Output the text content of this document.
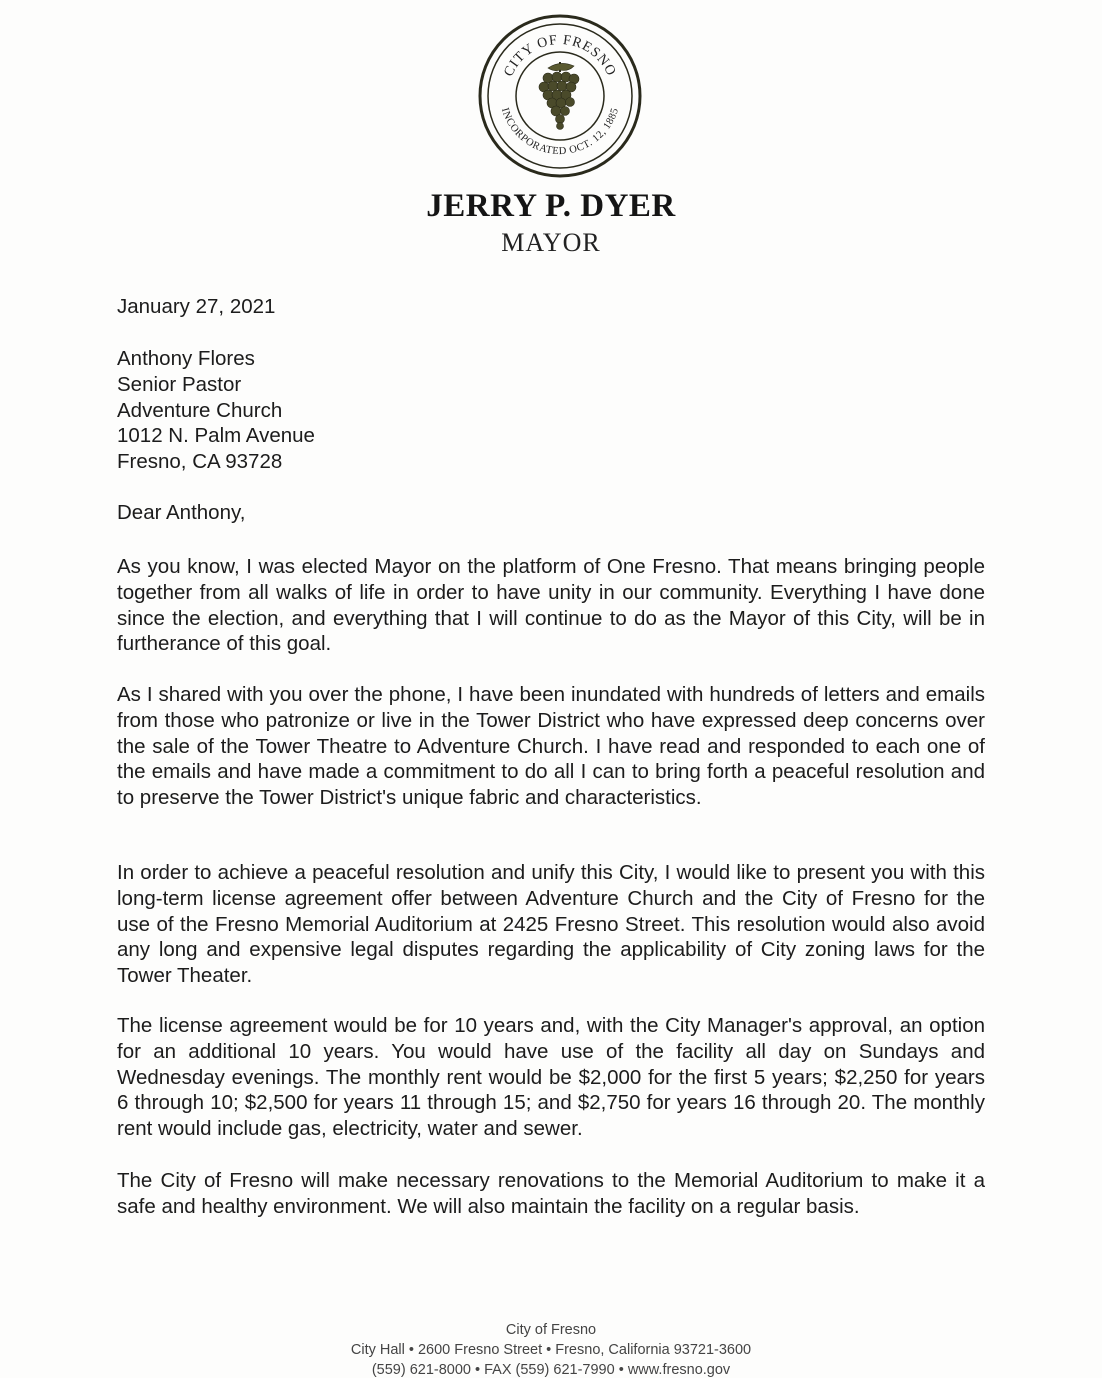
CITY OF FRESNO
INCORPORATED OCT. 12, 1885
JERRY P. DYER
MAYOR
January 27, 2021
Anthony Flores
Senior Pastor
Adventure Church
1012 N. Palm Avenue
Fresno, CA 93728
Dear Anthony,
As you know, I was elected Mayor on the platform of One Fresno. That means bringing people together from all walks of life in order to have unity in our community. Everything I have done since the election, and everything that I will continue to do as the Mayor of this City, will be in furtherance of this goal.
As I shared with you over the phone, I have been inundated with hundreds of letters and emails from those who patronize or live in the Tower District who have expressed deep concerns over the sale of the Tower Theatre to Adventure Church. I have read and responded to each one of the emails and have made a commitment to do all I can to bring forth a peaceful resolution and to preserve the Tower District's unique fabric and characteristics.
In order to achieve a peaceful resolution and unify this City, I would like to present you with this long-term license agreement offer between Adventure Church and the City of Fresno for the use of the Fresno Memorial Auditorium at 2425 Fresno Street. This resolution would also avoid any long and expensive legal disputes regarding the applicability of City zoning laws for the Tower Theater.
The license agreement would be for 10 years and, with the City Manager's approval, an option for an additional 10 years. You would have use of the facility all day on Sundays and Wednesday evenings. The monthly rent would be $2,000 for the first 5 years; $2,250 for years 6 through 10; $2,500 for years 11 through 15; and $2,750 for years 16 through 20. The monthly rent would include gas, electricity, water and sewer.
The City of Fresno will make necessary renovations to the Memorial Auditorium to make it a safe and healthy environment. We will also maintain the facility on a regular basis.
City of Fresno
City Hall • 2600 Fresno Street • Fresno, California 93721-3600
(559) 621-8000 • FAX (559) 621-7990 • www.fresno.gov
